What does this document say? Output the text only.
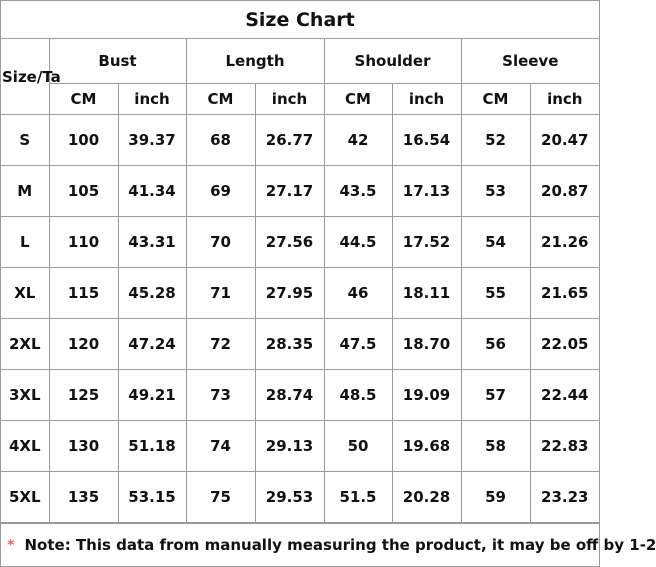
Size Chart
Size/Ta	Bust		Length		Shoulder		Sleeve	
	CM	inch	CM	inch	CM	inch	CM	inch
S	100	39.37	68	26.77	42	16.54	52	20.47
M	105	41.34	69	27.17	43.5	17.13	53	20.87
L	110	43.31	70	27.56	44.5	17.52	54	21.26
XL	115	45.28	71	27.95	46	18.11	55	21.65
2XL	120	47.24	72	28.35	47.5	18.70	56	22.05
3XL	125	49.21	73	28.74	48.5	19.09	57	22.44
4XL	130	51.18	74	29.13	50	19.68	58	22.83
5XL	135	53.15	75	29.53	51.5	20.28	59	23.23
* Note: This data from manually measuring the product, it may be off by 1-2
